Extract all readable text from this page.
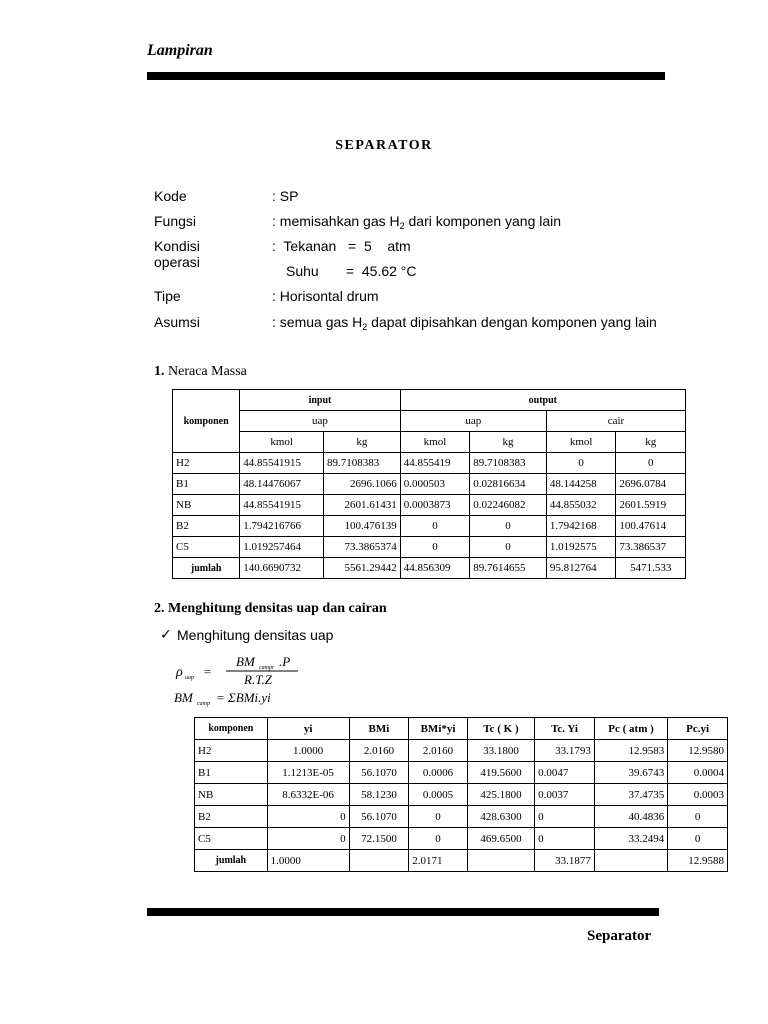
Lampiran
SEPARATOR
Kode	: SP
Fungsi	: memisahkan gas $H_2$ dari komponen yang lain
Kondisi operasi
:  Tekanan   =  5    atm
Suhu       =  45.62 °C
Tipe	: Horisontal drum
Asumsi	: semua gas $H_2$ dapat dipisahkan dengan komponen yang lain
1. Neraca Massa
komponen	input		output			
	uap		uap		cair	
	kmol	kg	kmol	kg	kmol	kg
H2	44.85541915	89.7108383	44.855419	89.7108383	0	0
B1	48.14476067	2696.1066	0.000503	0.02816634	48.144258	2696.0784
NB	44.85541915	2601.61431	0.0003873	0.02246082	44.855032	2601.5919
B2	1.794216766	100.476139	0	0	1.7942168	100.47614
C5	1.019257464	73.3865374	0	0	1.0192575	73.386537
jumlah	140.6690732	5561.29442	44.856309	89.7614655	95.812764	5471.533
2. Menghitung densitas uap dan cairan
✓ Menghitung densitas uap
ρ uap =
BM campr .P
R.T.Z
BM camp = ΣBMi.yi
komponen	yi	BMi	BMi*yi	Tc ( K )	Tc. Yi	Pc ( atm )	Pc.yi
H2	1.0000	2.0160	2.0160	33.1800	33.1793	12.9583	12.9580
B1	1.1213E-05	56.1070	0.0006	419.5600	0.0047	39.6743	0.0004
NB	8.6332E-06	58.1230	0.0005	425.1800	0.0037	37.4735	0.0003
B2	0	56.1070	0	428.6300	0	40.4836	0
C5	0	72.1500	0	469.6500	0	33.2494	0
jumlah	1.0000		2.0171		33.1877		12.9588
Separator
